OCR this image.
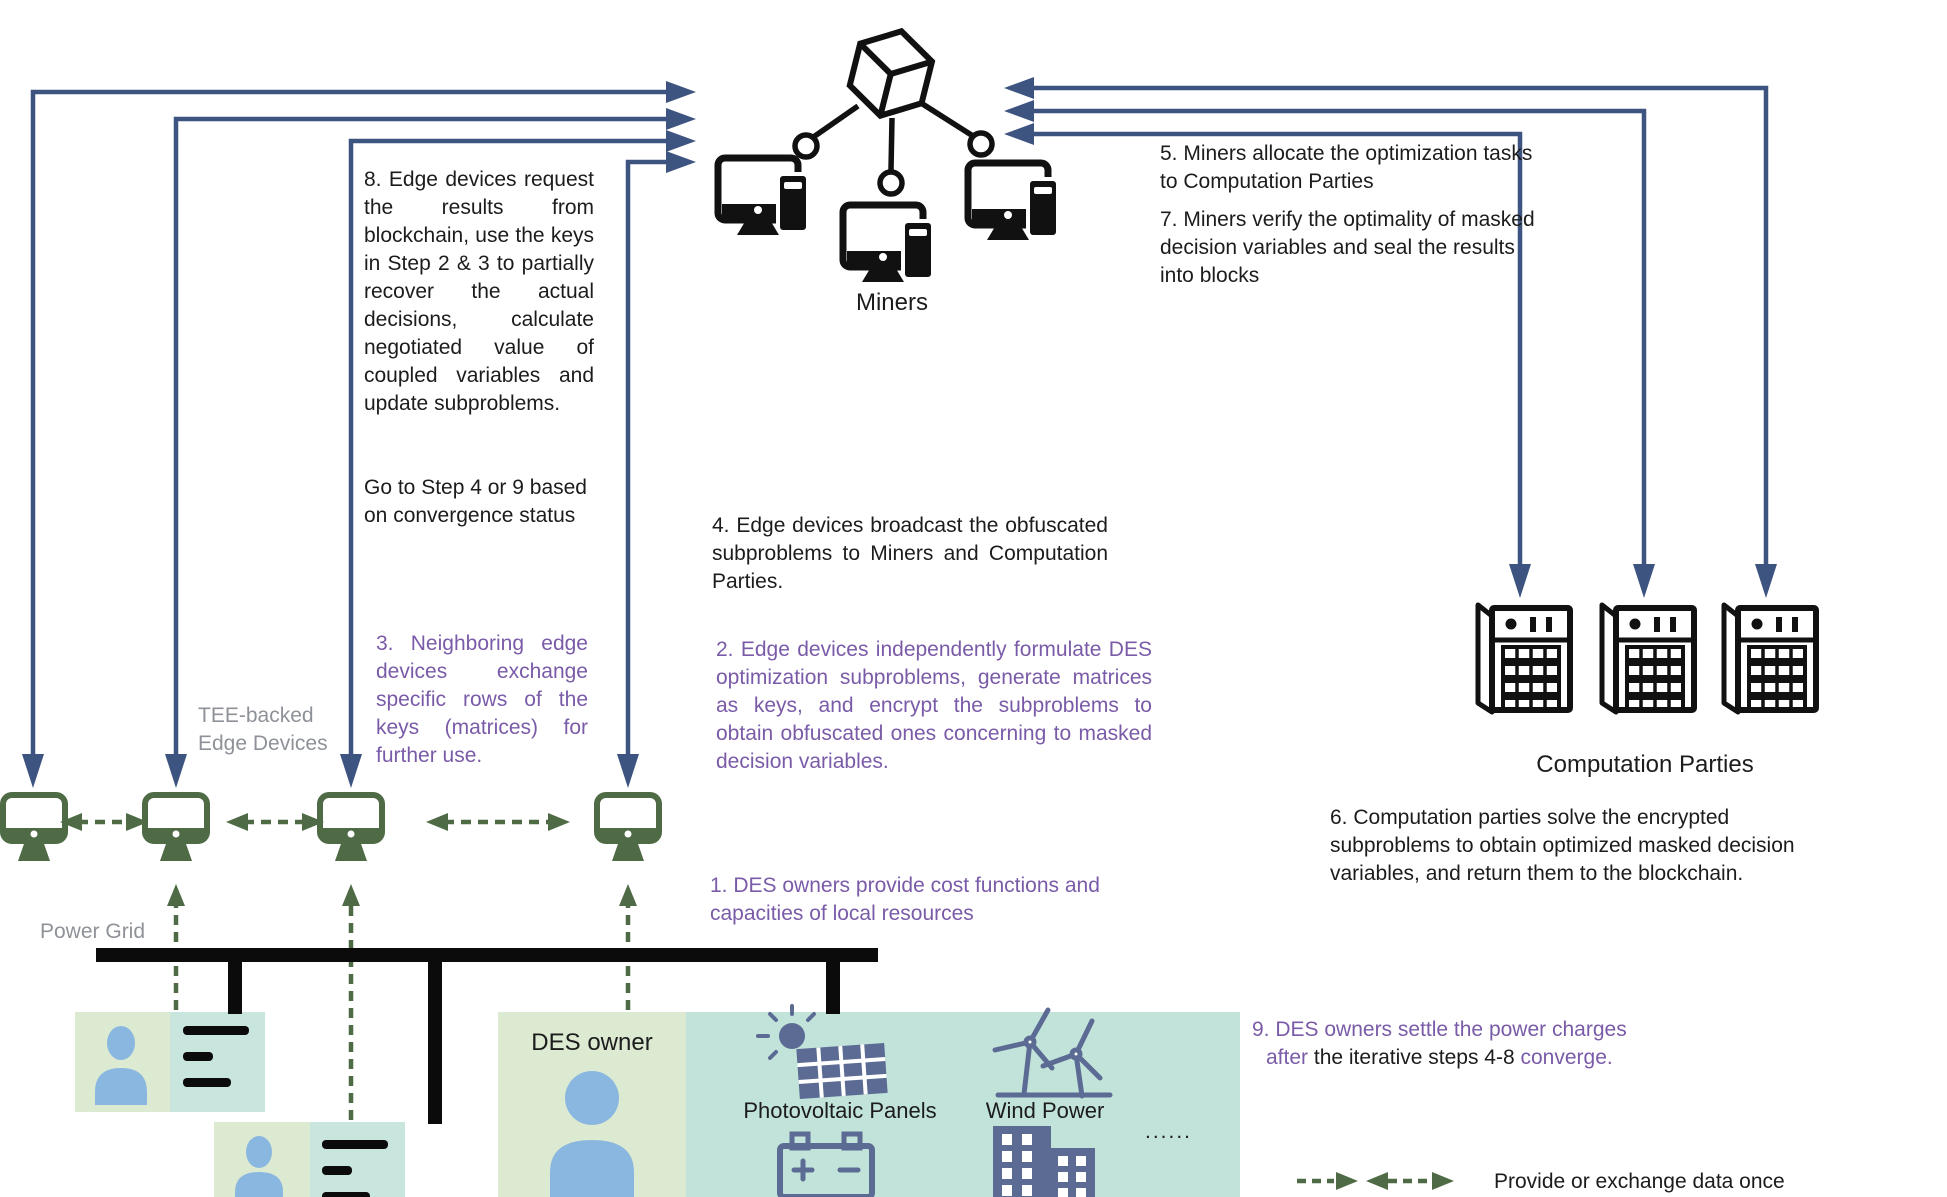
Miners
8. Edge devices request the results from blockchain, use the keys in Step 2 & 3 to partially recover the actual decisions, calculate negotiated value of coupled variables and update subproblems.
Go to Step 4 or 9 based on convergence status
5. Miners allocate the optimization tasks to Computation Parties
7. Miners verify the optimality of masked decision variables and seal the results into blocks
4. Edge devices broadcast the obfuscated subproblems to Miners and Computation Parties.
2. Edge devices independently formulate DES optimization subproblems, generate matrices as keys, and encrypt the subproblems to obtain obfuscated ones concerning to masked decision variables.
3. Neighboring edge devices exchange specific rows of the keys (matrices) for further use.
TEE-backed
Edge Devices
Computation Parties
6. Computation parties solve the encrypted subproblems to obtain optimized masked decision variables, and return them to the blockchain.
1. DES owners provide cost functions and capacities of local resources
Power Grid
DES owner
Photovoltaic Panels	Wind Power
......
9. DES owners settle the power charges
after the iterative steps 4-8 converge.
Provide or exchange data once
